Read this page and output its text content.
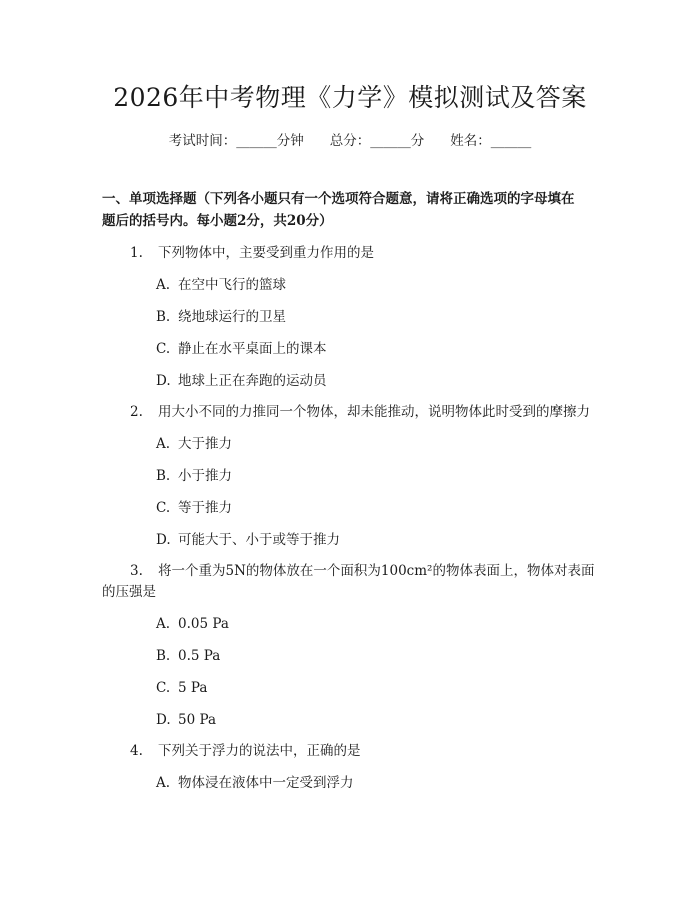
2026年中考物理《力学》模拟测试及答案
考试时间：______分钟 总分：______分 姓名：______
一、单项选择题（下列各小题只有一个选项符合题意，请将正确选项的字母填在
题后的括号内。每小题2分，共20分）
1. 下列物体中，主要受到重力作用的是
A. 在空中飞行的篮球
B. 绕地球运行的卫星
C. 静止在水平桌面上的课本
D. 地球上正在奔跑的运动员
2. 用大小不同的力推同一个物体，却未能推动，说明物体此时受到的摩擦力
A. 大于推力
B. 小于推力
C. 等于推力
D. 可能大于、小于或等于推力
3. 将一个重为5N的物体放在一个面积为100cm²的物体表面上，物体对表面
的压强是
A. 0.05 Pa
B. 0.5 Pa
C. 5 Pa
D. 50 Pa
4. 下列关于浮力的说法中，正确的是
A. 物体浸在液体中一定受到浮力
